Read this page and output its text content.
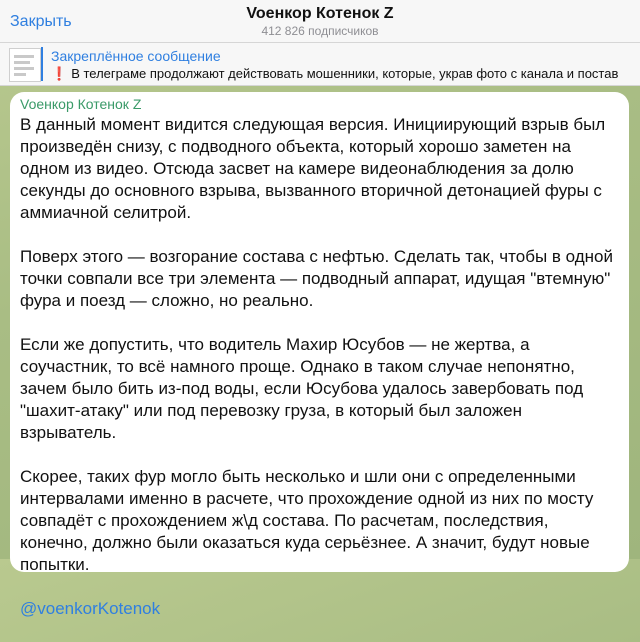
Закрыть	Voенкор Котенок Z
412 826 подписчиков
Закреплённое сообщение
❗ В телеграме продолжают действовать мошенники, которые, украв фото с канала и постав
Voенкор Котенок Z

В данный момент видится следующая версия. Инициирующий взрыв был произведён снизу, с подводного объекта, который хорошо заметен на одном из видео. Отсюда засвет на камере видеонаблюдения за долю секунды до основного взрыва, вызванного вторичной детонацией фуры с аммиачной селитрой.

Поверх этого — возгорание состава с нефтью. Сделать так, чтобы в одной точки совпали все три элемента — подводный аппарат, идущая "втемную" фура и поезд — сложно, но реально.

Если же допустить, что водитель Махир Юсубов — не жертва, а соучастник, то всё намного проще. Однако в таком случае непонятно, зачем было бить из-под воды, если Юсубова удалось завербовать под "шахит-атаку" или под перевозку груза, в который был заложен взрыватель.

Скорее, таких фур могло быть несколько и шли они с определенными интервалами именно в расчете, что прохождение одной из них по мосту совпадёт с прохождением ж\д состава. По расчетам, последствия, конечно, должно были оказаться куда серьёзнее. А значит, будут новые попытки.

@voenkorKotenok
